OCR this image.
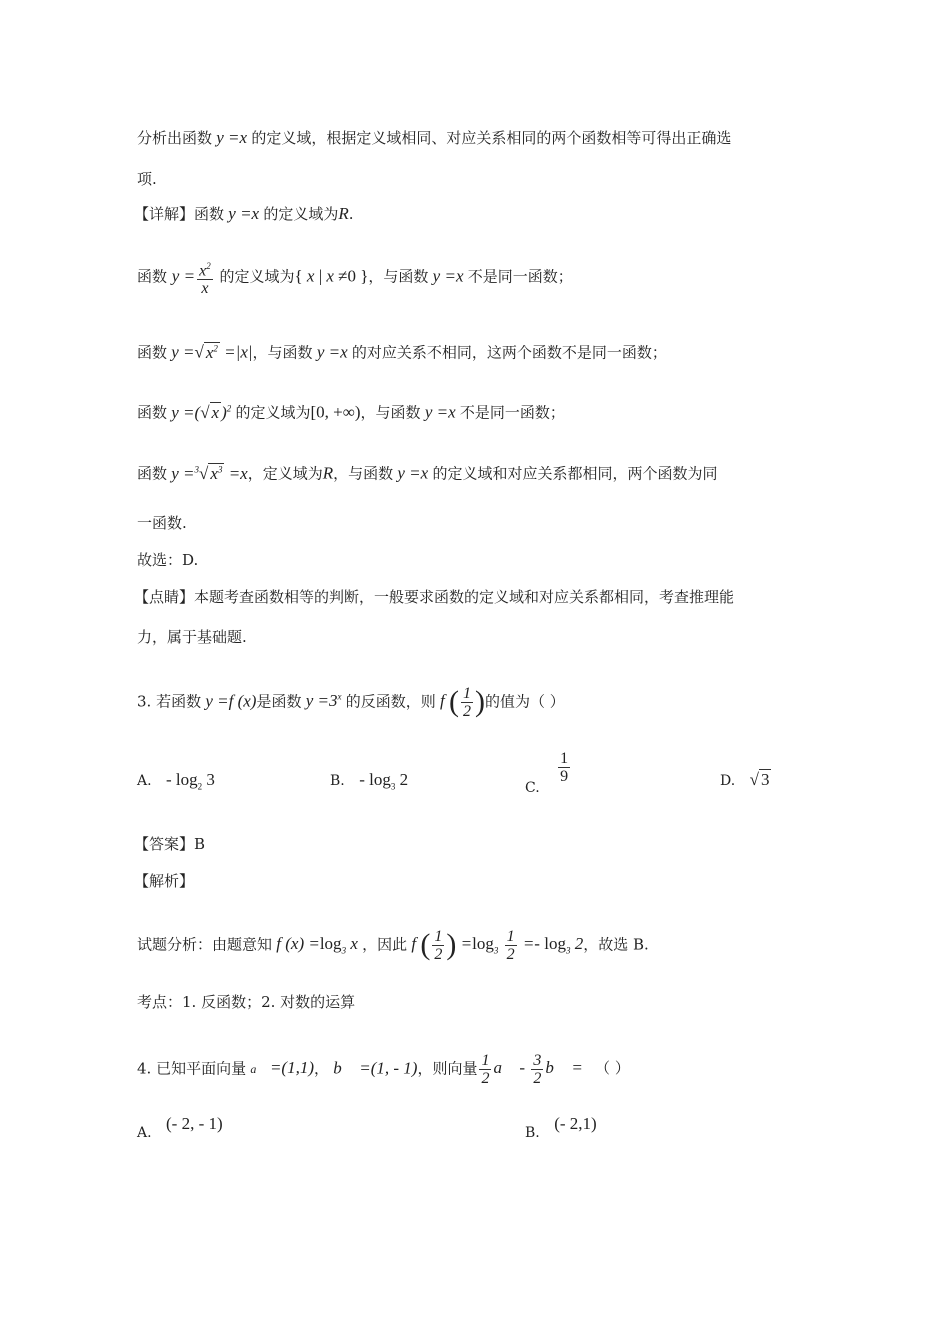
分析出函数 y =x 的定义域，根据定义域相同、对应关系相同的两个函数相等可得出正确选
项.
【详解】函数 y =x 的定义域为R.
函数 $y = \frac{x^2}{x}$ 的定义域为{ x | x ≠0 }，与函数 y =x 不是同一函数；
函数 y =√ $x^2 =|x|$，与函数 y =x 的对应关系不相同，这两个函数不是同一函数；
函数 y =(√ x )$^2$ 的定义域为[0, +∞)，与函数 y =x 不是同一函数；
函数 y =$^3$√ $x^3 =x$，定义域为R，与函数 y =x 的定义域和对应关系都相同，两个函数为同
一函数.
故选：D.
【点睛】本题考查函数相等的判断，一般要求函数的定义域和对应关系都相同，考查推理能
力，属于基础题.
3. 若函数 y =f (x)是函数 $y =3^x$ 的反函数，则 f ( $\frac{1}{2}$ )的值为（ ）
A. - $\log_2 3$	B. - $\log_3 2$	C.
$\frac{1}{9}$	D. √ 3
【答案】B
【解析】
试题分析：由题意知 f $(x) =\log_3$ x ，因此 f ( $\frac{1}{2}$ ) $=\log_3 \frac{1}{2} =- \log_3 2$，故选 B.
考点：1. 反函数；2. 对数的运算
4. 已知平面向量 a⃗ =(1,1)， b⃗ =(1, - 1)，则向量 $\frac{1}{2}$ a⃗ - $\frac{3}{2}$ b⃗ = （ ）
A. (- 2, - 1)	B. (- 2,1)
